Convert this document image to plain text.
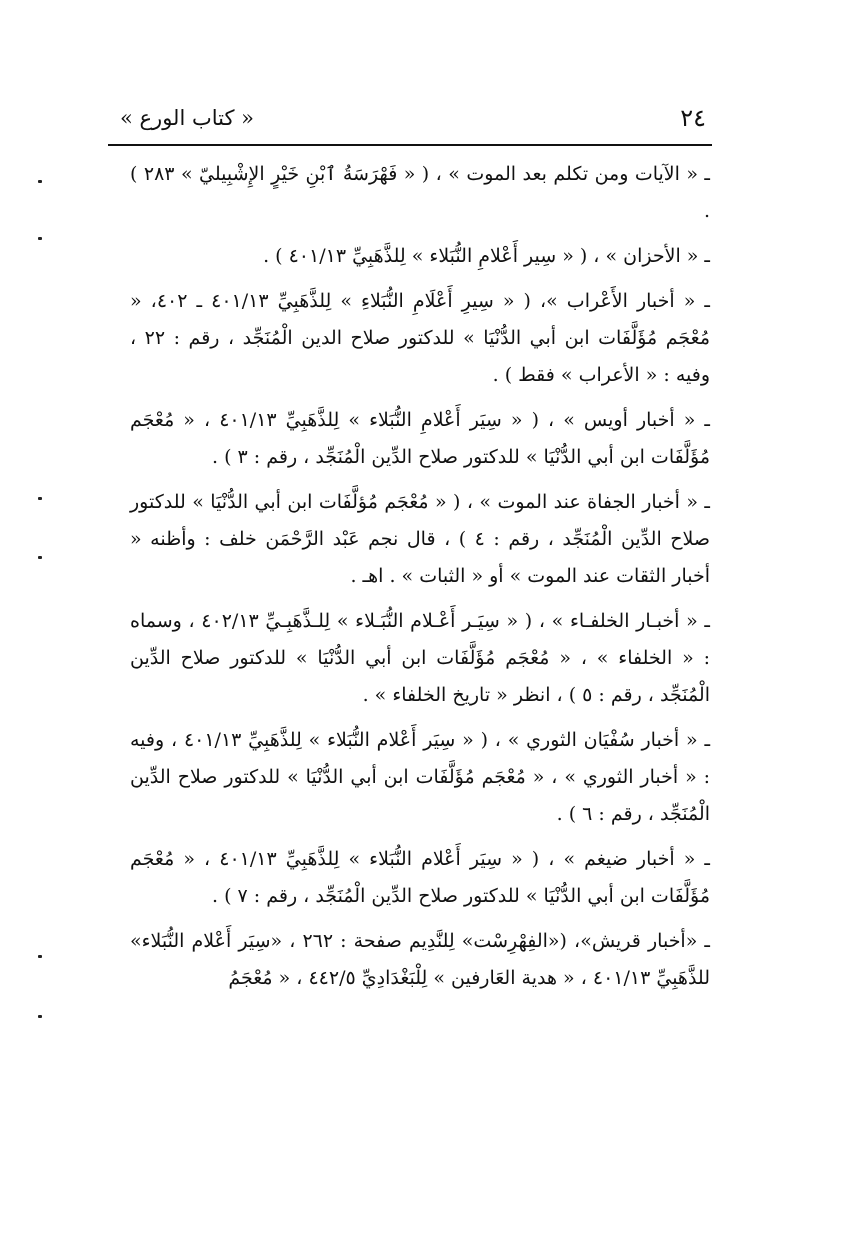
٢٤
« كتاب الورع »

ـ « الآيات ومن تكلم بعد الموت » ، ( « فَهْرَسَةُ ٱبْنِ خَيْرٍ الإِشْبِيليّ » ٢٨٣ ) .

ـ « الأحزان » ، ( « سِير أَعْلامِ النُّبَلاء » لِلذَّهَبِيِّ ٤٠١/١٣ ) .

ـ « أخبار الأَعْراب »، ( « سِيرِ أَعْلَامِ النُّبَلاءِ » لِلذَّهَبِيِّ ٤٠١/١٣ ـ ٤٠٢، « مُعْجَم مُؤَلَّفَات ابن أبي الدُّنْيَا » للدكتور صلاح الدين الْمُنَجِّد ، رقم : ٢٢ ، وفيه : « الأعراب » فقط ) .

ـ « أخبار أويس » ، ( « سِيَر أَعْلامِ النُّبَلاء » لِلذَّهَبِيِّ ٤٠١/١٣ ، « مُعْجَم مُؤَلَّفَات ابن أبي الدُّنْيَا » للدكتور صلاح الدِّين الْمُنَجِّد ، رقم : ٣ ) .

ـ « أخبار الجفاة عند الموت » ، ( « مُعْجَم مُؤلَّفَات ابن أبي الدُّنْيَا » للدكتور صلاح الدِّين الْمُنَجِّد ، رقم : ٤ ) ، قال نجم عَبْد الرَّحْمَن خلف : وأظنه « أخبار الثقات عند الموت » أو « الثبات » . اهـ .

ـ « أخبـار الخلفـاء » ، ( « سِيَـر أَعْـلام النُّبَـلاء » لِلـذَّهَبِـيِّ ٤٠٢/١٣ ، وسماه : « الخلفاء » ، « مُعْجَم مُؤَلَّفَات ابن أبي الدُّنْيَا » للدكتور صلاح الدِّين الْمُنَجِّد ، رقم : ٥ ) ، انظر « تاريخ الخلفاء » .

ـ « أخبار سُفْيَان الثوري » ، ( « سِيَر أَعْلام النُّبَلاء » لِلذَّهَبِيِّ ٤٠١/١٣ ، وفيه : « أخبار الثوري » ، « مُعْجَم مُؤَلَّفَات ابن أبي الدُّنْيَا » للدكتور صلاح الدِّين الْمُنَجِّد ، رقم : ٦ ) .

ـ « أخبار ضيغم » ، ( « سِيَر أَعْلام النُّبَلاء » لِلذَّهَبِيِّ ٤٠١/١٣ ، « مُعْجَم مُؤَلَّفَات ابن أبي الدُّنْيَا » للدكتور صلاح الدِّين الْمُنَجِّد ، رقم : ٧ ) .

ـ «أخبار قريش»، («الفِهْرِسْت» لِلنَّدِيم صفحة : ٢٦٢ ، «سِيَر أَعْلام النُّبَلاء» للذَّهَبِيِّ ٤٠١/١٣ ، « هدية العَارفين » لِلْبَغْدَادِيِّ ٤٤٢/٥ ، « مُعْجَمُ
